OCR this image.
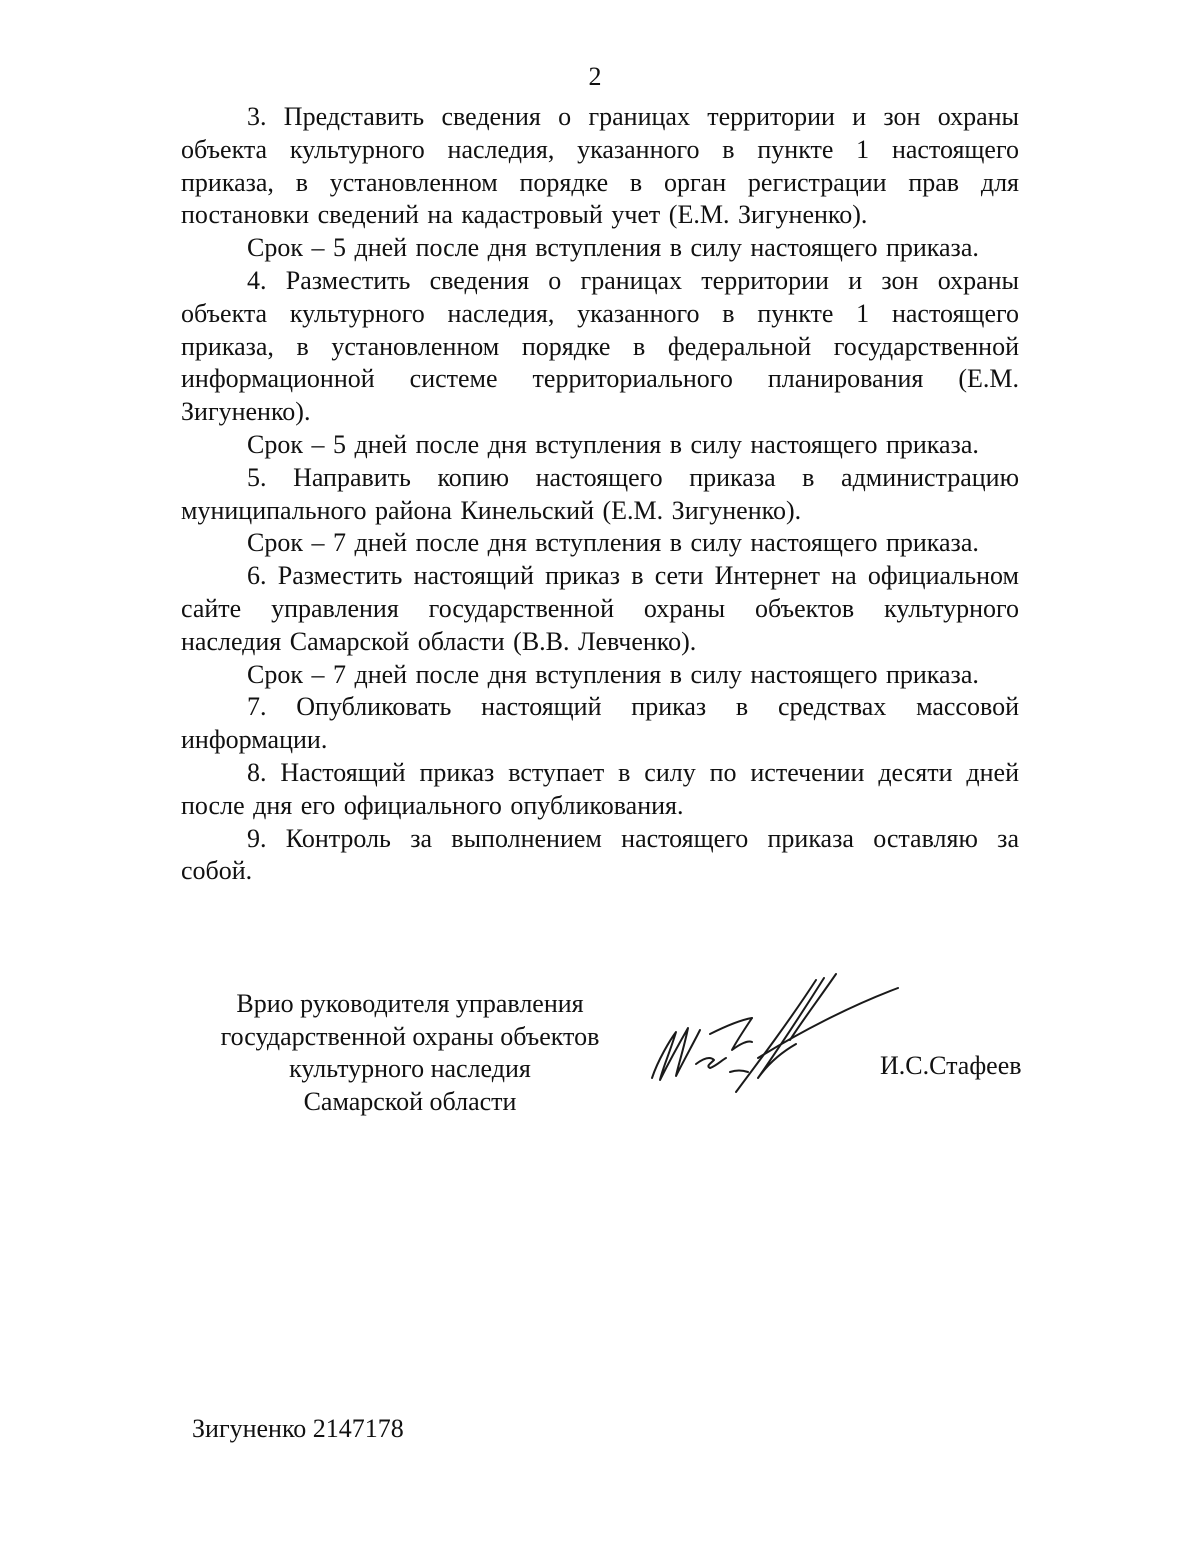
2

3. Представить сведения о границах территории и зон охраны объекта культурного наследия, указанного в пункте 1 настоящего приказа, в установленном порядке в орган регистрации прав для постановки сведений на кадастровый учет (Е.М. Зигуненко).

Срок – 5 дней после дня вступления в силу настоящего приказа.

4. Разместить сведения о границах территории и зон охраны объекта культурного наследия, указанного в пункте 1 настоящего приказа, в установленном порядке в федеральной государственной информационной системе территориального планирования (Е.М. Зигуненко).

Срок – 5 дней после дня вступления в силу настоящего приказа.

5. Направить копию настоящего приказа в администрацию муниципального района Кинельский (Е.М. Зигуненко).

Срок – 7 дней после дня вступления в силу настоящего приказа.

6. Разместить настоящий приказ в сети Интернет на официальном сайте управления государственной охраны объектов культурного наследия Самарской области (В.В. Левченко).

Срок – 7 дней после дня вступления в силу настоящего приказа.

7. Опубликовать настоящий приказ в средствах массовой информации.

8. Настоящий приказ вступает в силу по истечении десяти дней после дня его официального опубликования.

9. Контроль за выполнением настоящего приказа оставляю за собой.

Врио руководителя управления
государственной охраны объектов
культурного наследия
Самарской области
И.С.Стафеев
Зигуненко 2147178
